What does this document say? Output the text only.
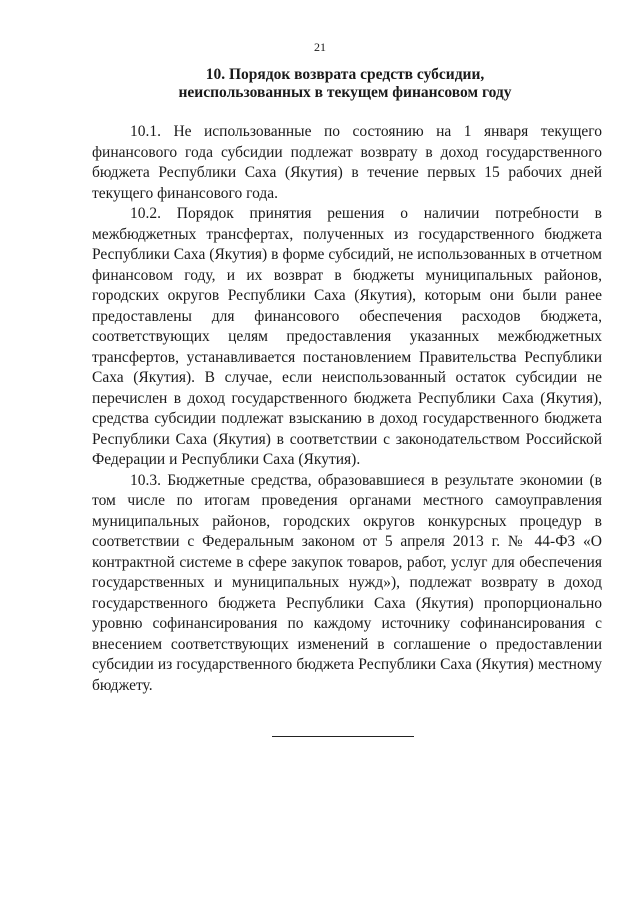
21
10. Порядок возврата средств субсидии,
неиспользованных в текущем финансовом году

10.1. Не использованные по состоянию на 1 января текущего финансового года субсидии подлежат возврату в доход государственного бюджета Республики Саха (Якутия) в течение первых 15 рабочих дней текущего финансового года.

10.2. Порядок принятия решения о наличии потребности в межбюджетных трансфертах, полученных из государственного бюджета Республики Саха (Якутия) в форме субсидий, не использованных в отчетном финансовом году, и их возврат в бюджеты муниципальных районов, городских округов Республики Саха (Якутия), которым они были ранее предоставлены для финансового обеспечения расходов бюджета, соответствующих целям предоставления указанных межбюджетных трансфертов, устанавливается постановлением Правительства Республики Саха (Якутия). В случае, если неиспользованный остаток субсидии не перечислен в доход государственного бюджета Республики Саха (Якутия), средства субсидии подлежат взысканию в доход государственного бюджета Республики Саха (Якутия) в соответствии с законодательством Российской Федерации и Республики Саха (Якутия).

10.3. Бюджетные средства, образовавшиеся в результате экономии (в том числе по итогам проведения органами местного самоуправления муниципальных районов, городских округов конкурсных процедур в соответствии с Федеральным законом от 5 апреля 2013 г. № 44-ФЗ «О контрактной системе в сфере закупок товаров, работ, услуг для обеспечения государственных и муниципальных нужд»), подлежат возврату в доход государственного бюджета Республики Саха (Якутия) пропорционально уровню софинансирования по каждому источнику софинансирования с внесением соответствующих изменений в соглашение о предоставлении субсидии из государственного бюджета Республики Саха (Якутия) местному бюджету.
